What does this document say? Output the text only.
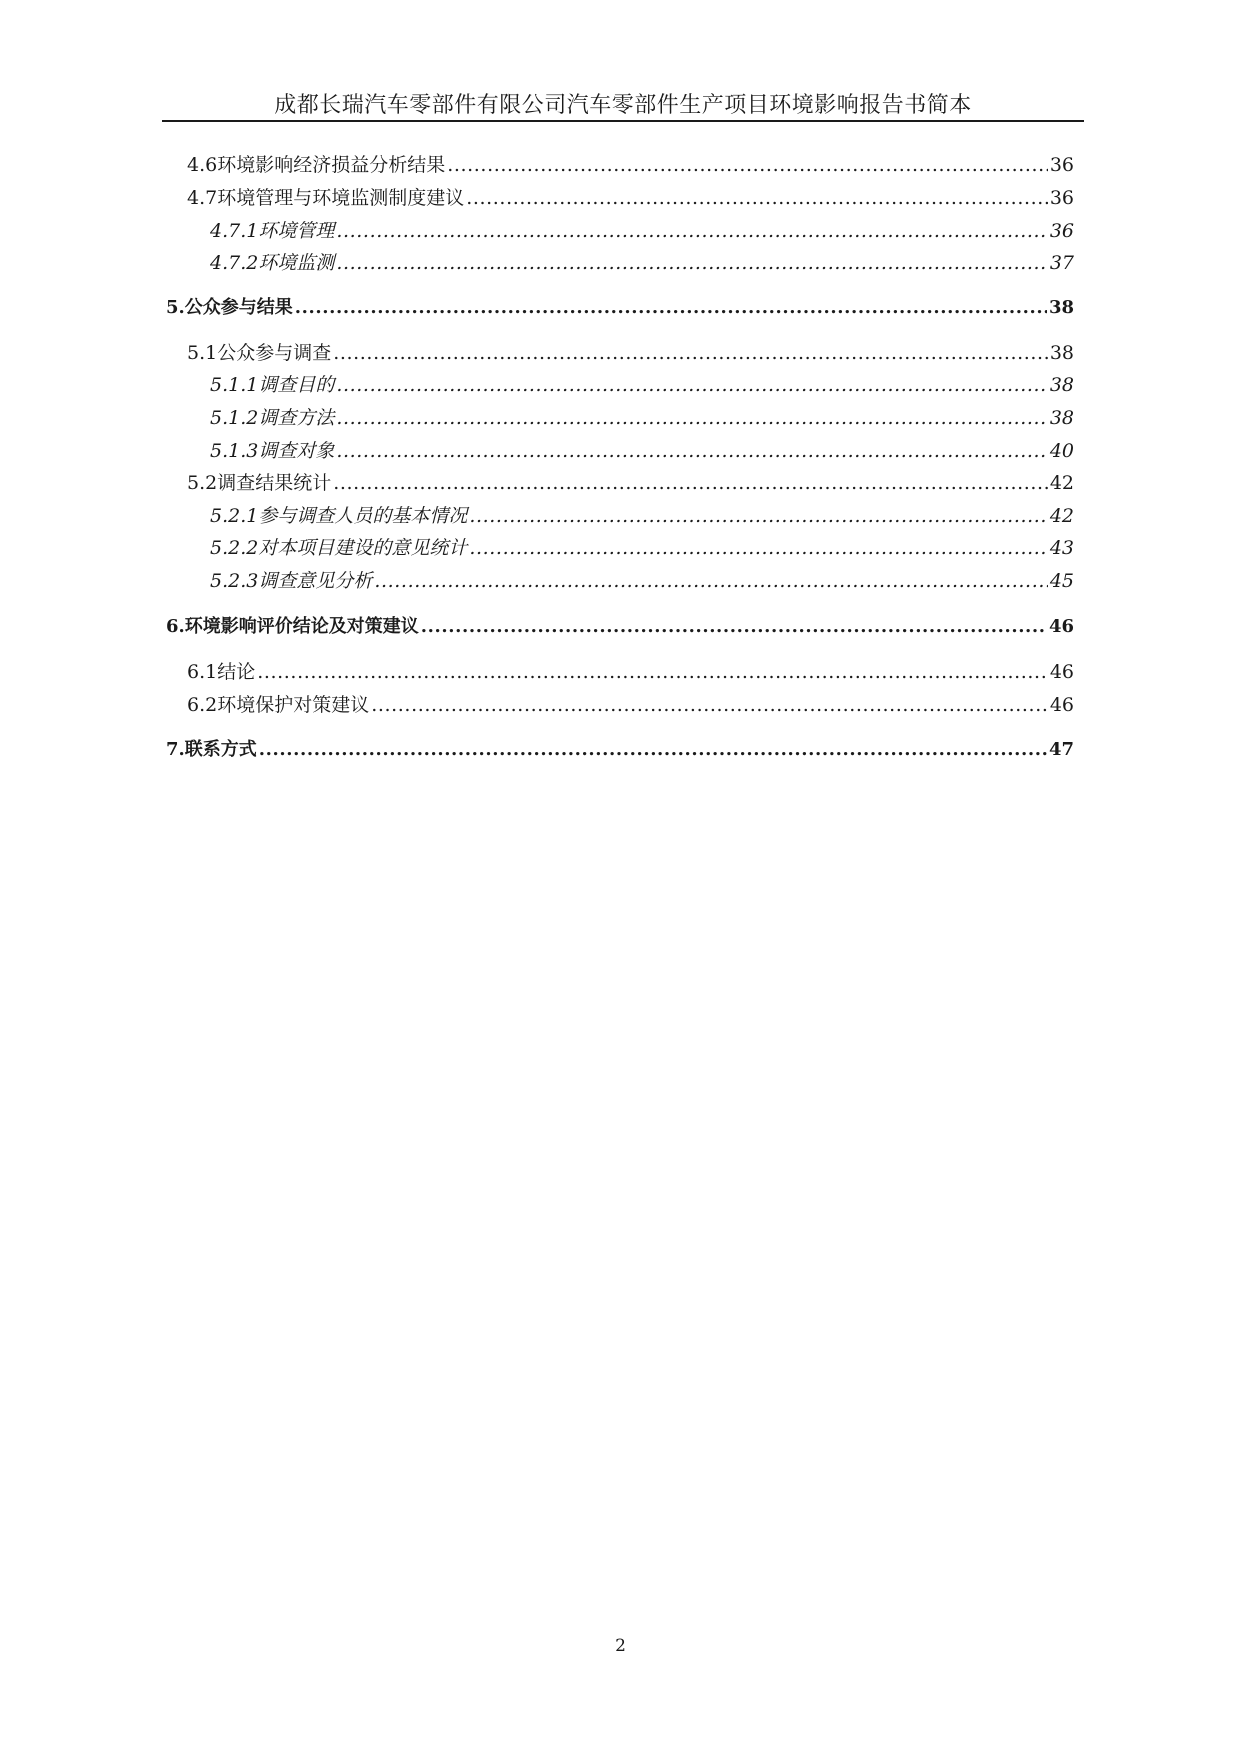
成都长瑞汽车零部件有限公司汽车零部件生产项目环境影响报告书简本
4.6 环境影响经济损益分析结果 .....	36
4.7 环境管理与环境监测制度建议 .....	36
4.7.1 环境管理 .....	36
4.7.2 环境监测 .....	37
5. 公众参与结果 .....	38
5.1 公众参与调查 .....	38
5.1.1 调查目的 .....	38
5.1.2 调查方法 .....	38
5.1.3 调查对象 .....	40
5.2 调查结果统计 .....	42
5.2.1 参与调查人员的基本情况 .....	42
5.2.2 对本项目建设的意见统计 .....	43
5.2.3 调查意见分析 .....	45
6. 环境影响评价结论及对策建议 .....	46
6.1 结论 .....	46
6.2 环境保护对策建议 .....	46
7. 联系方式 .....	47
2
